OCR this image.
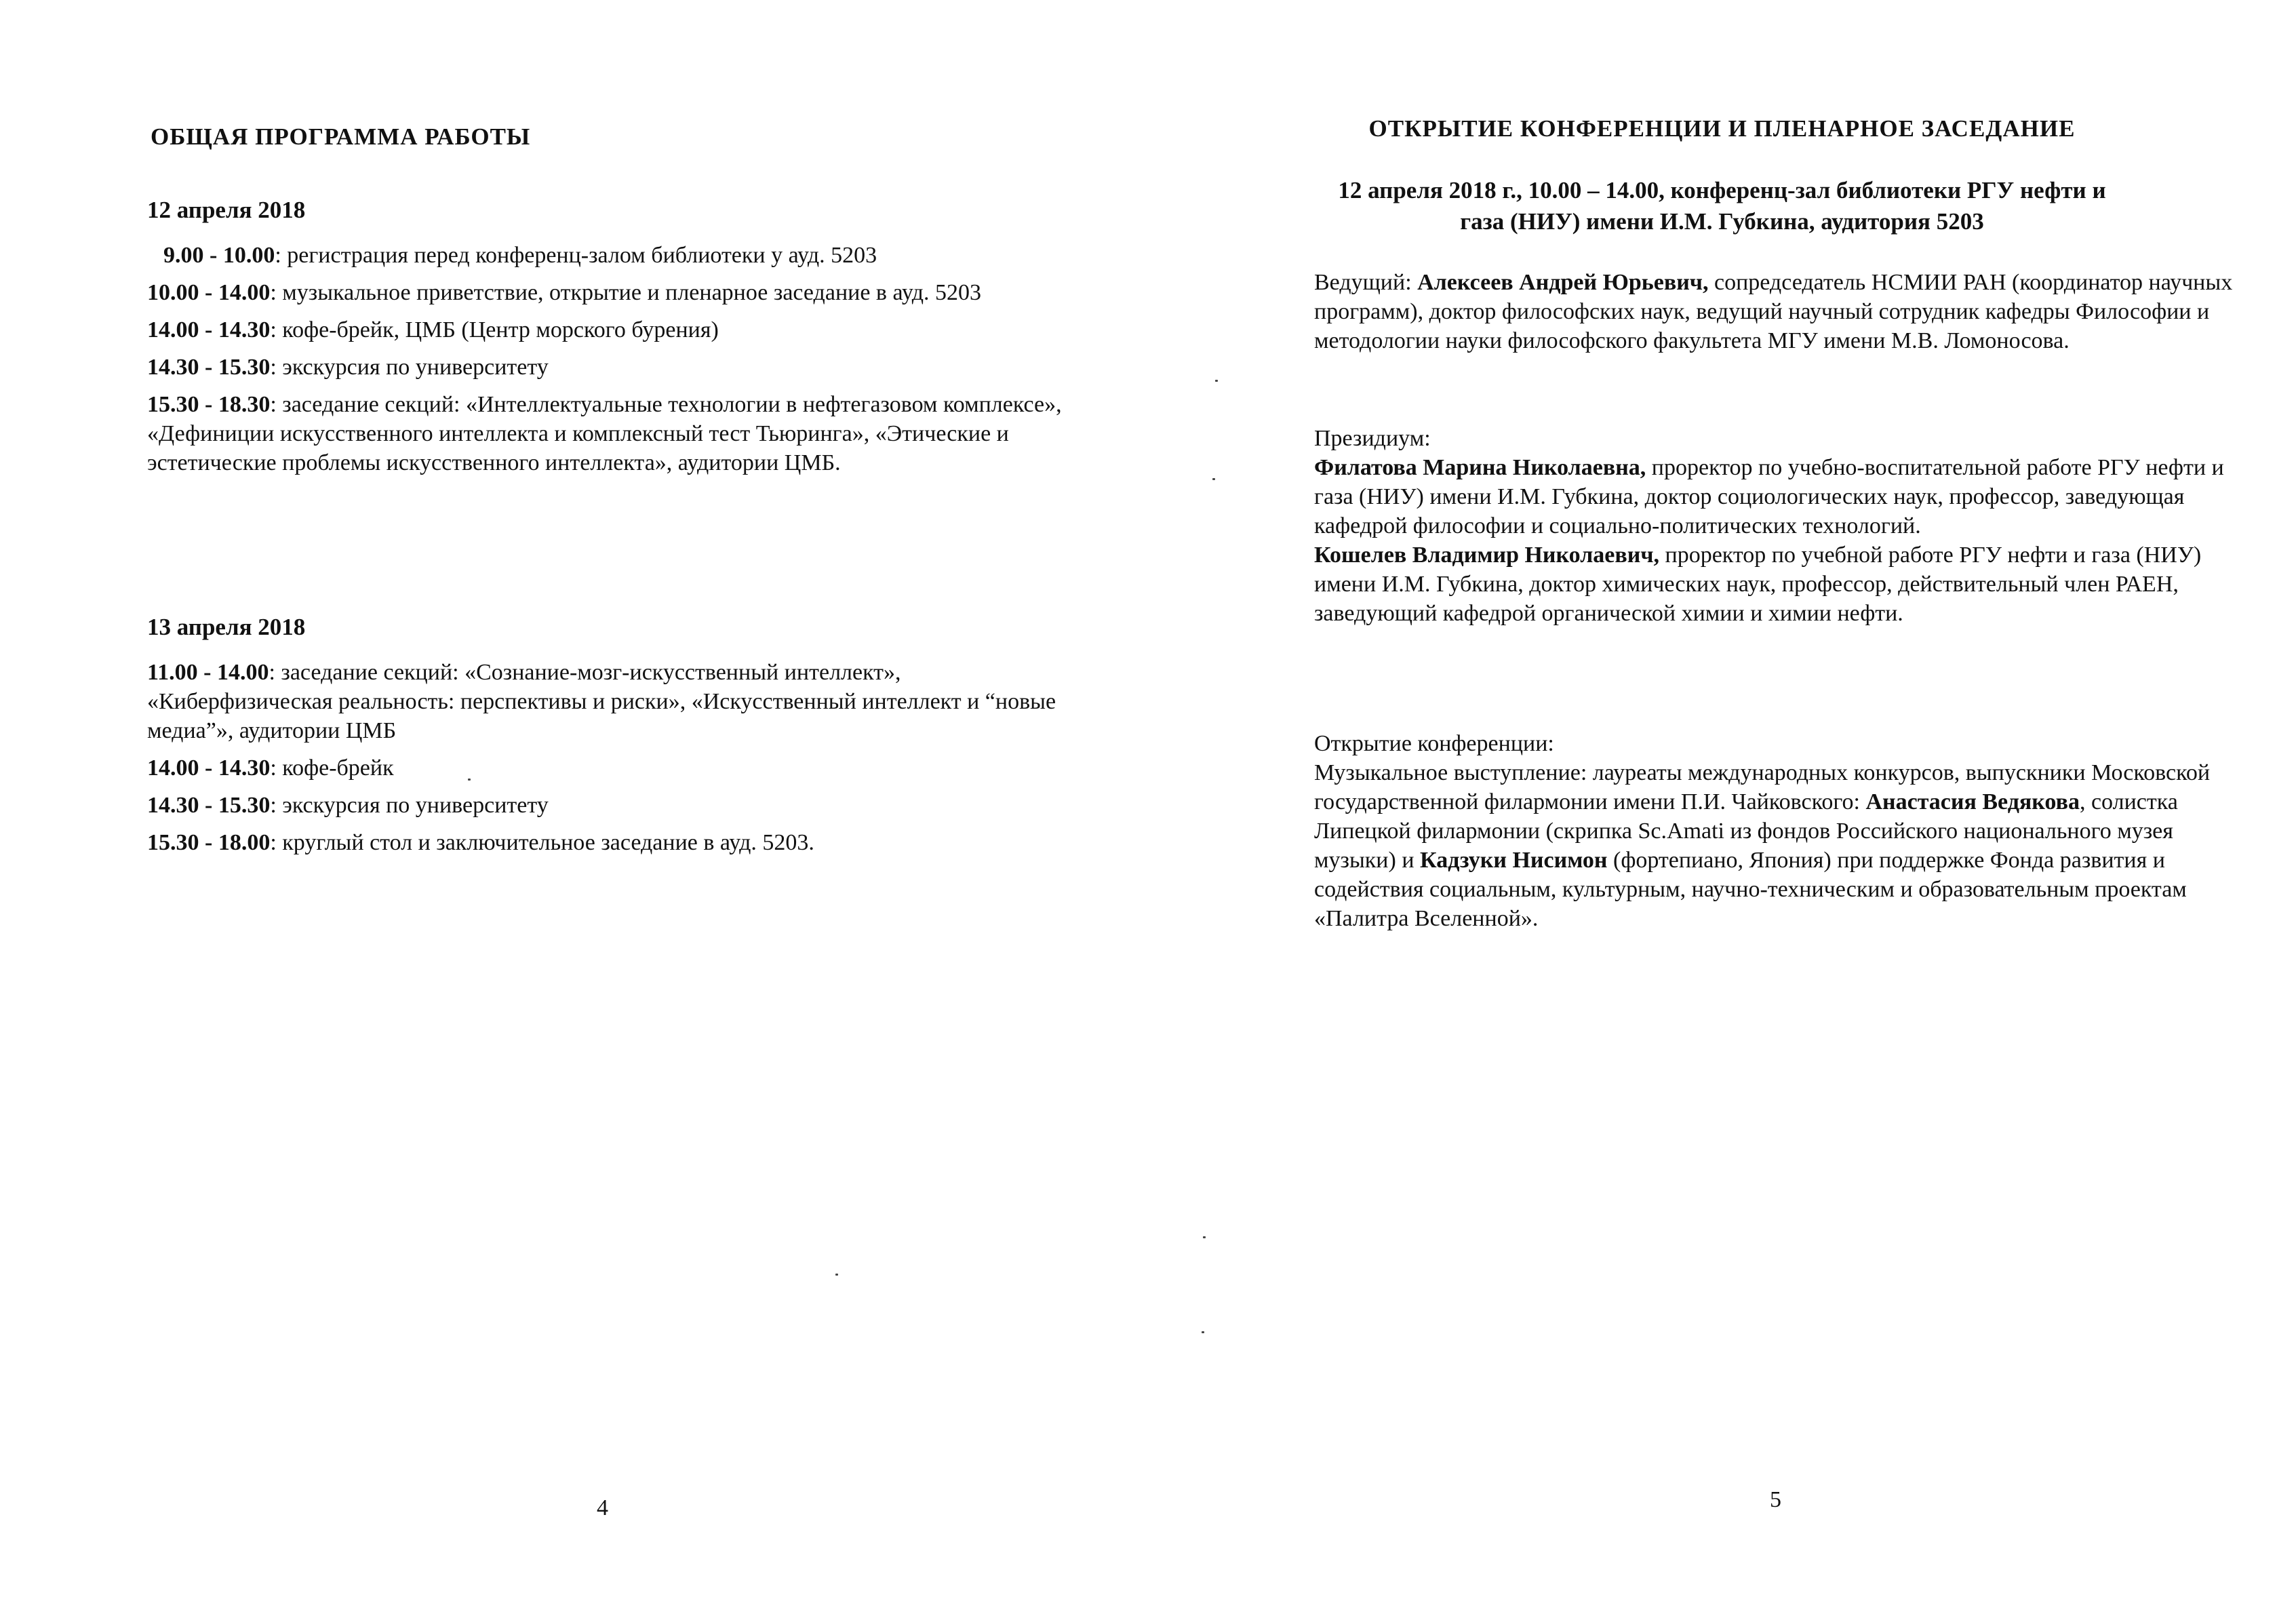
ОБЩАЯ ПРОГРАММА РАБОТЫ
12 апреля 2018
9.00 - 10.00: регистрация перед конференц-залом библиотеки у ауд. 5203
10.00 - 14.00: музыкальное приветствие, открытие и пленарное заседание в ауд. 5203
14.00 - 14.30: кофе-брейк, ЦМБ (Центр морского бурения)
14.30 - 15.30: экскурсия по университету
15.30 - 18.30: заседание секций: «Интеллектуальные технологии в нефтегазовом комплексе», «Дефиниции искусственного интеллекта и комплексный тест Тьюринга», «Этические и эстетические проблемы искусственного интеллекта», аудитории ЦМБ.
13 апреля 2018
11.00 - 14.00: заседание секций: «Сознание-мозг-искусственный интеллект», «Киберфизическая реальность: перспективы и риски», «Искусственный интеллект и “новые медиа”», аудитории ЦМБ
14.00 - 14.30: кофе-брейк
14.30 - 15.30: экскурсия по университету
15.30 - 18.00: круглый стол и заключительное заседание в ауд. 5203.
4
ОТКРЫТИЕ КОНФЕРЕНЦИИ И ПЛЕНАРНОЕ ЗАСЕДАНИЕ
12 апреля 2018 г., 10.00 – 14.00, конференц-зал библиотеки РГУ нефти и
газа (НИУ) имени И.М. Губкина, аудитория 5203
Ведущий: Алексеев Андрей Юрьевич, сопредседатель НСМИИ РАН (координатор научных программ), доктор философских наук, ведущий научный сотрудник кафедры Философии и методологии науки философского факультета МГУ имени М.В. Ломоносова.
Президиум:
Филатова Марина Николаевна, проректор по учебно-воспитательной работе РГУ нефти и газа (НИУ) имени И.М. Губкина, доктор социологических наук, профессор, заведующая кафедрой философии и социально-политических технологий.
Кошелев Владимир Николаевич, проректор по учебной работе РГУ нефти и газа (НИУ) имени И.М. Губкина, доктор химических наук, профессор, действительный член РАЕН, заведующий кафедрой органической химии и химии нефти.
Открытие конференции:
Музыкальное выступление: лауреаты международных конкурсов, выпускники Московской государственной филармонии имени П.И. Чайковского: Анастасия Ведякова, солистка Липецкой филармонии (скрипка Sc.Amati из фондов Российского национального музея музыки) и Кадзуки Нисимон (фортепиано, Япония) при поддержке Фонда развития и содействия социальным, культурным, научно-техническим и образовательным проектам «Палитра Вселенной».
5
